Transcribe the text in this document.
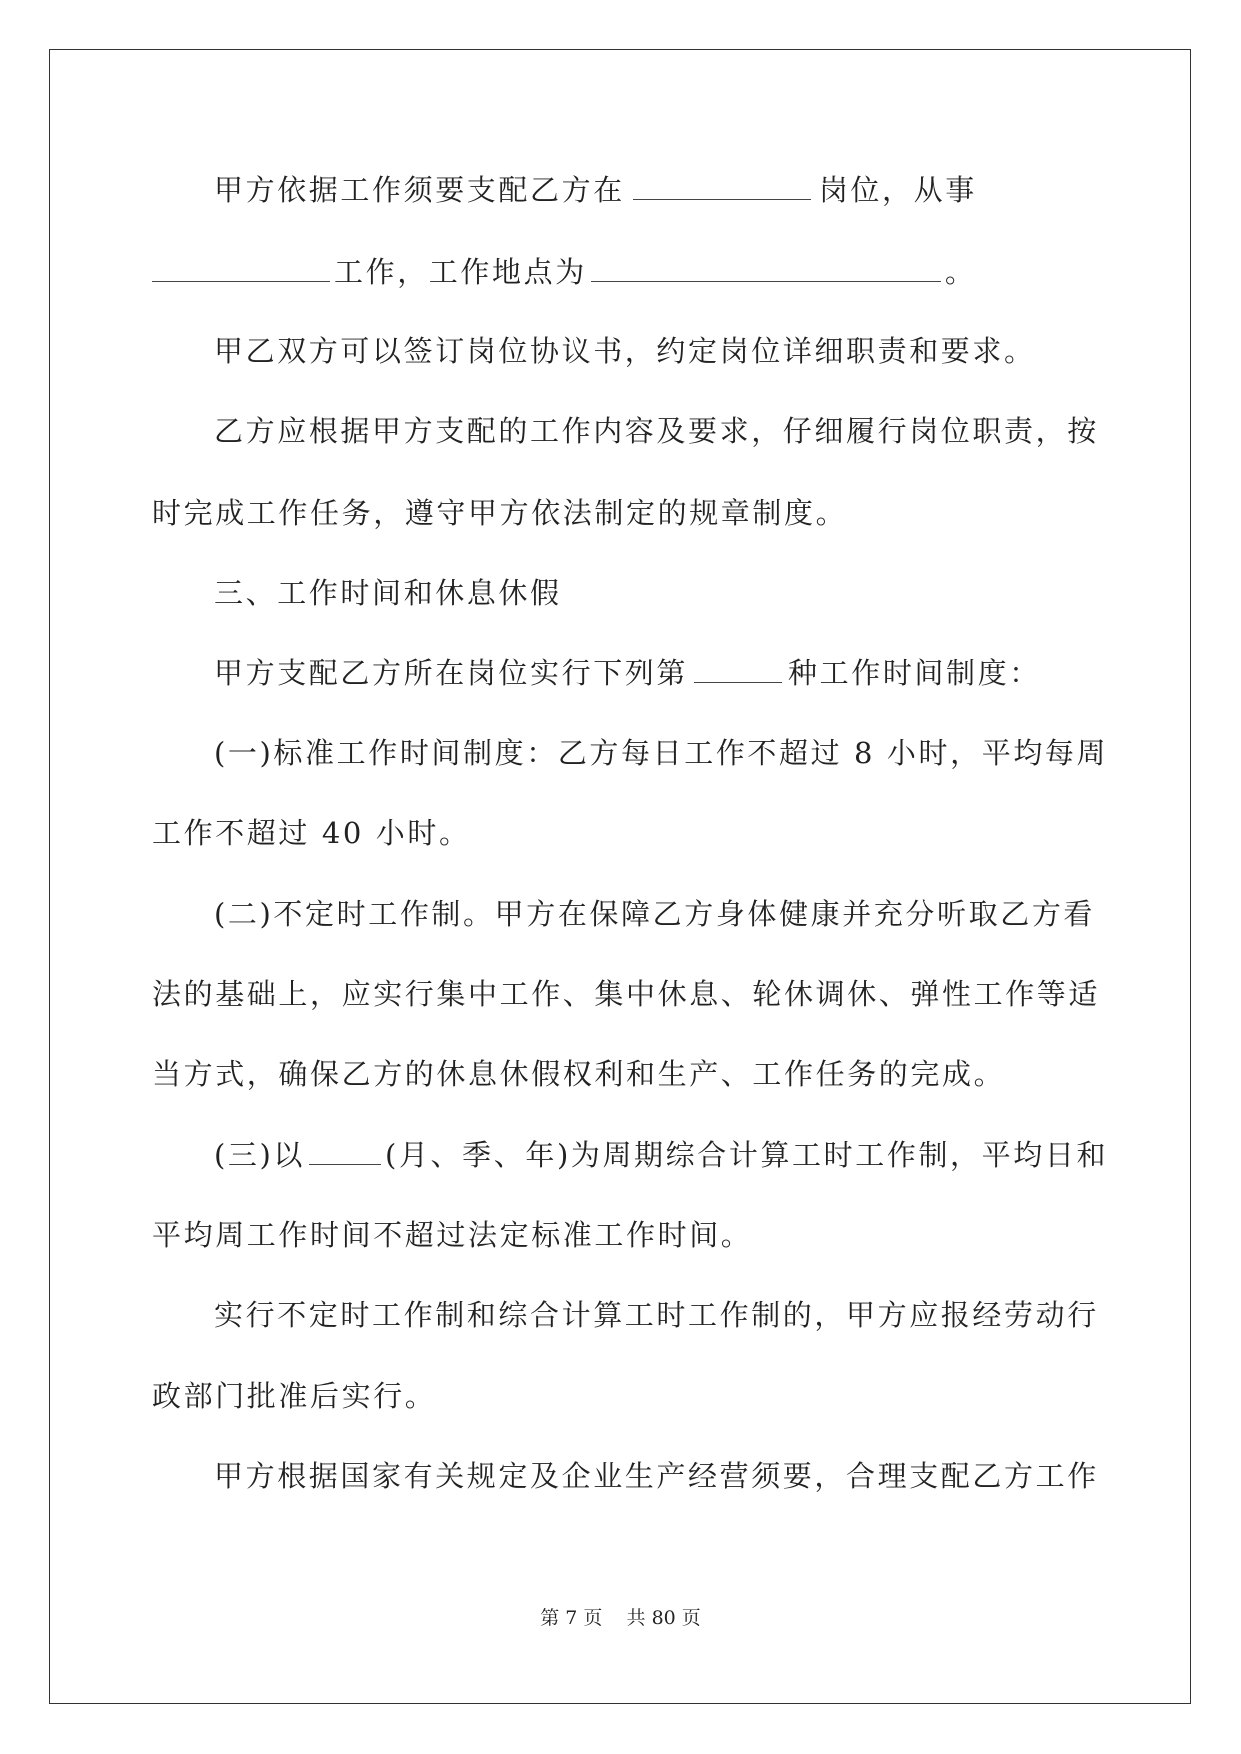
甲方依据工作须要支配乙方在	岗位，从事
工作，工作地点为	。
甲乙双方可以签订岗位协议书，约定岗位详细职责和要求。
乙方应根据甲方支配的工作内容及要求，仔细履行岗位职责，按
时完成工作任务，遵守甲方依法制定的规章制度。
三、工作时间和休息休假
甲方支配乙方所在岗位实行下列第	种工作时间制度：
(一)标准工作时间制度：乙方每日工作不超过 8 小时，平均每周
工作不超过 40 小时。
(二)不定时工作制。甲方在保障乙方身体健康并充分听取乙方看
法的基础上，应实行集中工作、集中休息、轮休调休、弹性工作等适
当方式，确保乙方的休息休假权利和生产、工作任务的完成。
(三)以	(月、季、年)为周期综合计算工时工作制，平均日和
平均周工作时间不超过法定标准工作时间。
实行不定时工作制和综合计算工时工作制的，甲方应报经劳动行
政部门批准后实行。
甲方根据国家有关规定及企业生产经营须要，合理支配乙方工作
第 7 页 共 80 页
